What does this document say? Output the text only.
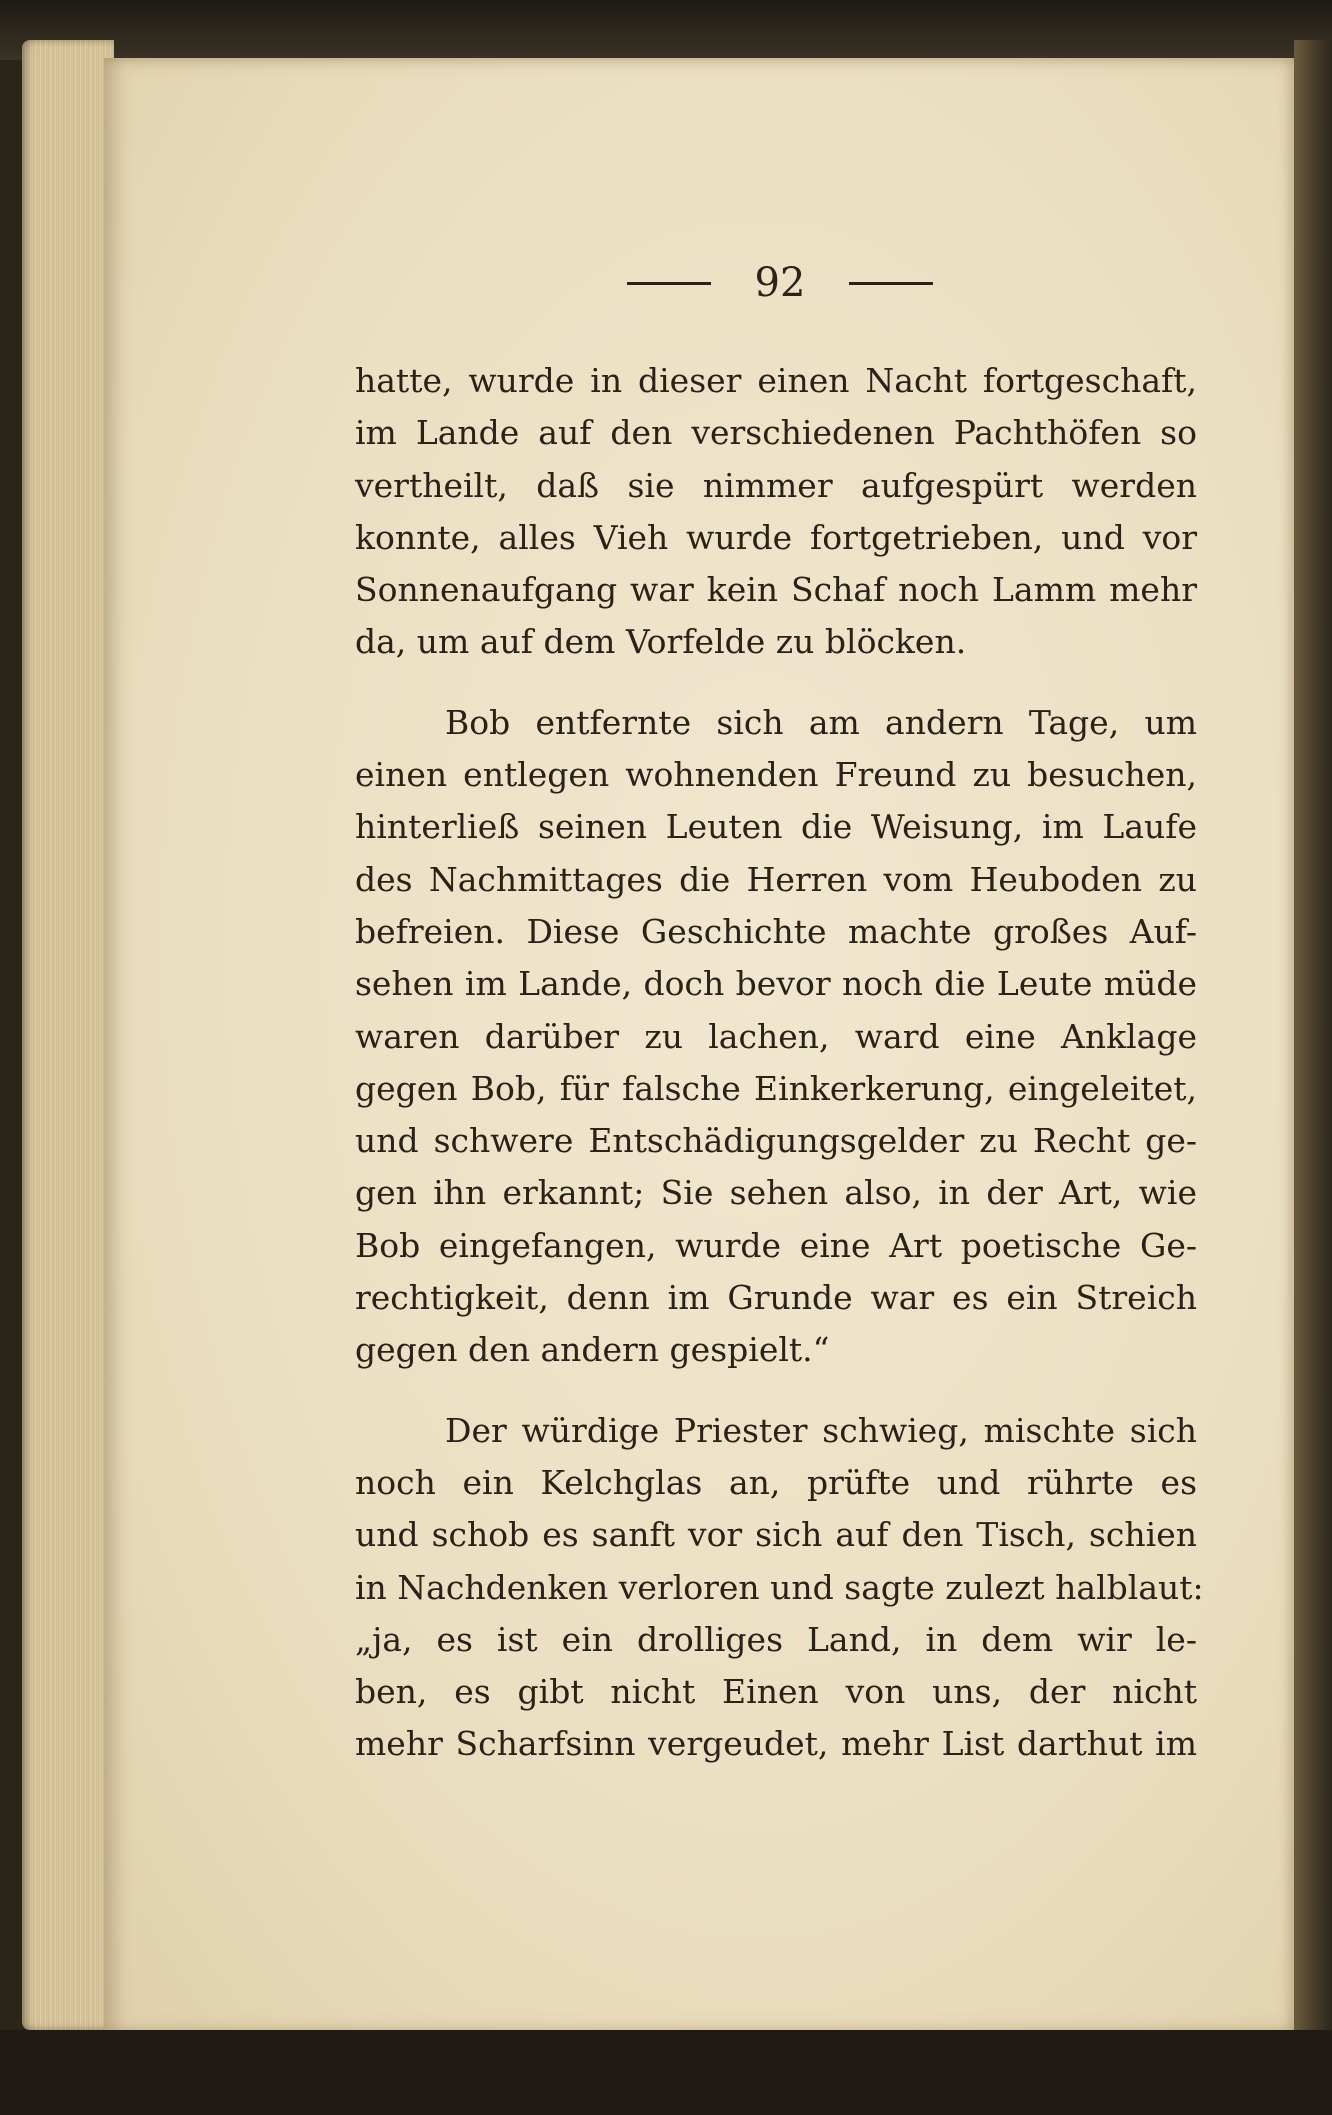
92
hatte, wurde in dieser einen Nacht fortgeschaft,
im Lande auf den verschiedenen Pachthöfen so
vertheilt, daß sie nimmer aufgespürt werden
konnte, alles Vieh wurde fortgetrieben, und vor
Sonnenaufgang war kein Schaf noch Lamm mehr
da, um auf dem Vorfelde zu blöcken.
Bob entfernte sich am andern Tage, um
einen entlegen wohnenden Freund zu besuchen,
hinterließ seinen Leuten die Weisung, im Laufe
des Nachmittages die Herren vom Heuboden zu
befreien. Diese Geschichte machte großes Auf-
sehen im Lande, doch bevor noch die Leute müde
waren darüber zu lachen, ward eine Anklage
gegen Bob, für falsche Einkerkerung, eingeleitet,
und schwere Entschädigungsgelder zu Recht ge-
gen ihn erkannt; Sie sehen also, in der Art, wie
Bob eingefangen, wurde eine Art poetische Ge-
rechtigkeit, denn im Grunde war es ein Streich
gegen den andern gespielt.“
Der würdige Priester schwieg, mischte sich
noch ein Kelchglas an, prüfte und rührte es
und schob es sanft vor sich auf den Tisch, schien
in Nachdenken verloren und sagte zulezt halblaut:
„ja, es ist ein drolliges Land, in dem wir le-
ben, es gibt nicht Einen von uns, der nicht
mehr Scharfsinn vergeudet, mehr List darthut im
